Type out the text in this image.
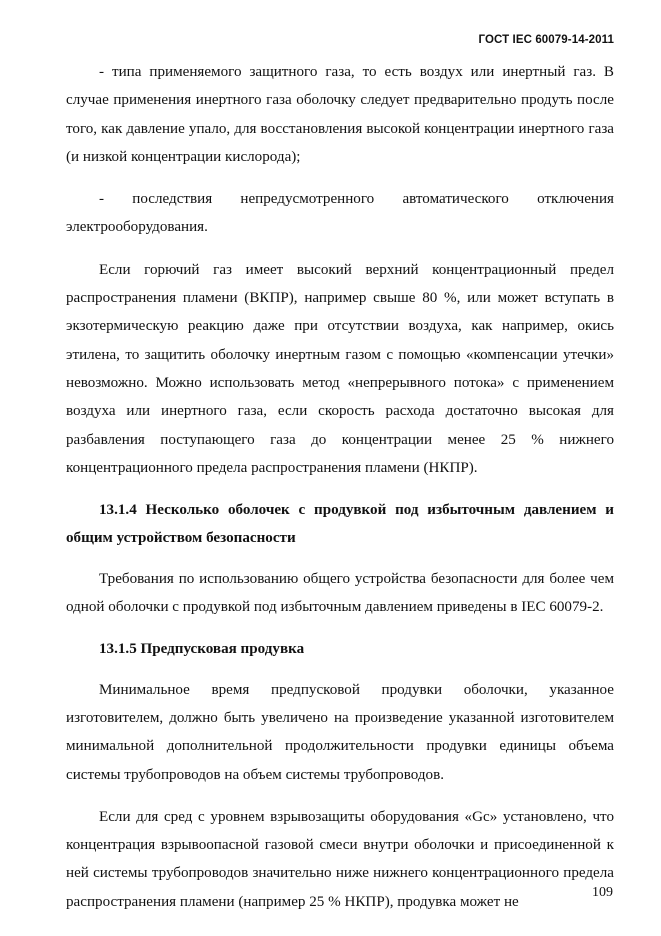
ГОСТ IEC 60079-14-2011

- типа применяемого защитного газа, то есть воздух или инертный газ. В случае применения инертного газа оболочку следует предварительно продуть после того, как давление упало, для восстановления высокой концентрации инертного газа (и низкой концентрации кислорода);

- последствия непредусмотренного автоматического отключения электрооборудования.

Если горючий газ имеет высокий верхний концентрационный предел распространения пламени (ВКПР), например свыше 80 %, или может вступать в экзотермическую реакцию даже при отсутствии воздуха, как например, окись этилена, то защитить оболочку инертным газом с помощью «компенсации утечки» невозможно. Можно использовать метод «непрерывного потока» с применением воздуха или инертного газа, если скорость расхода достаточно высокая для разбавления поступающего газа до концентрации менее 25 % нижнего концентрационного предела распространения пламени (НКПР).

13.1.4 Несколько оболочек с продувкой под избыточным давлением и общим устройством безопасности

Требования по использованию общего устройства безопасности для более чем одной оболочки с продувкой под избыточным давлением приведены в IEC 60079-2.

13.1.5 Предпусковая продувка

Минимальное время предпусковой продувки оболочки, указанное изготовителем, должно быть увеличено на произведение указанной изготовителем минимальной дополнительной продолжительности продувки единицы объема системы трубопроводов на объем системы трубопроводов.

Если для сред с уровнем взрывозащиты оборудования «Gc» установлено, что концентрация взрывоопасной газовой смеси внутри оболочки и присоединенной к ней системы трубопроводов значительно ниже нижнего концентрационного предела распространения пламени (например 25 % НКПР), продувка может не

109
